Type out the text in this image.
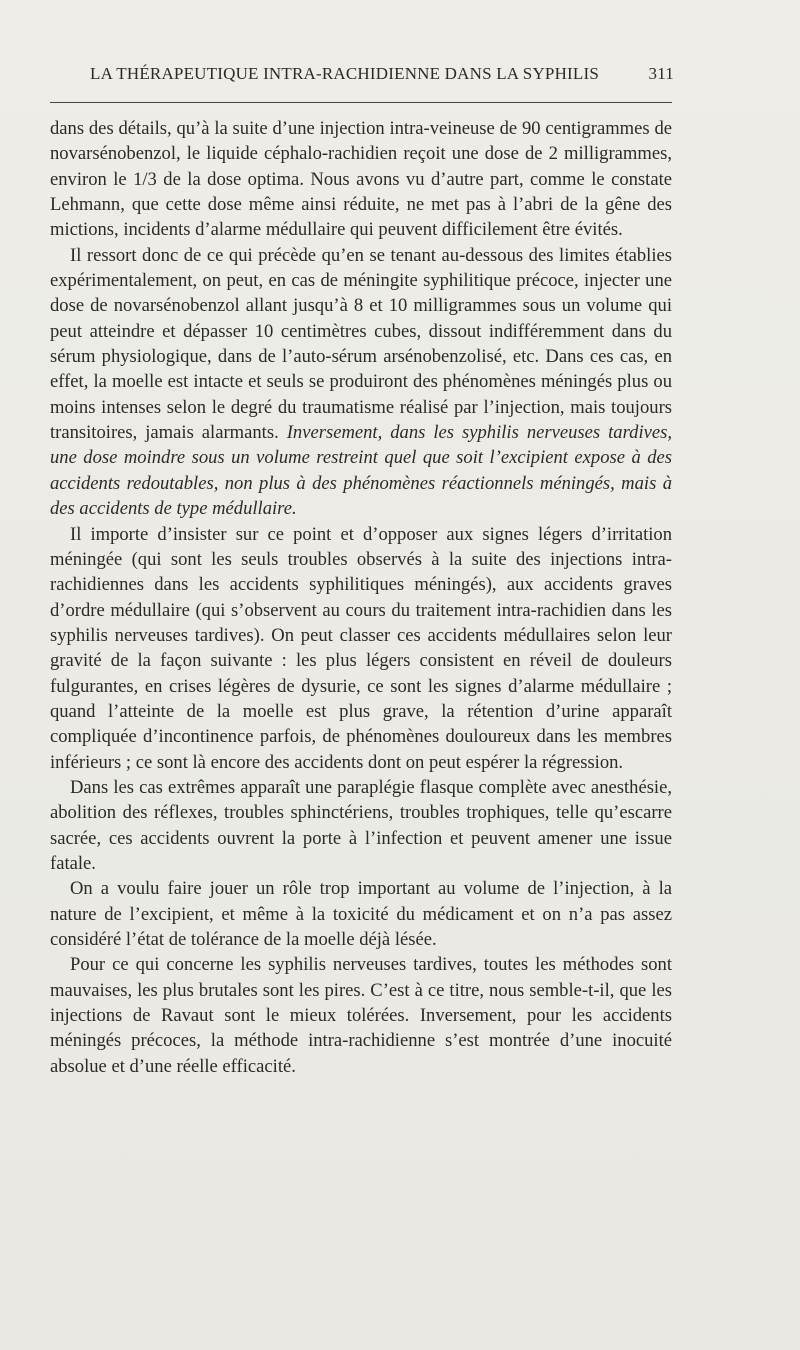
LA THÉRAPEUTIQUE INTRA-RACHIDIENNE DANS LA SYPHILIS	311

dans des détails, qu’à la suite d’une injection intra-veineuse de 90 centigrammes de novarsénobenzol, le liquide céphalo-rachidien reçoit une dose de 2 milligrammes, environ le 1/3 de la dose optima. Nous avons vu d’autre part, comme le constate Lehmann, que cette dose même ainsi réduite, ne met pas à l’abri de la gêne des mictions, incidents d’alarme médullaire qui peuvent difficilement être évités.

Il ressort donc de ce qui précède qu’en se tenant au-dessous des limites établies expérimentalement, on peut, en cas de méningite syphilitique précoce, injecter une dose de novarsénobenzol allant jusqu’à 8 et 10 milligrammes sous un volume qui peut atteindre et dépasser 10 centimètres cubes, dissout indifféremment dans du sérum physiologique, dans de l’auto-sérum arsénobenzolisé, etc. Dans ces cas, en effet, la moelle est intacte et seuls se produiront des phénomènes méningés plus ou moins intenses selon le degré du traumatisme réalisé par l’injection, mais toujours transitoires, jamais alarmants. Inversement, dans les syphilis nerveuses tardives, une dose moindre sous un volume restreint quel que soit l’excipient expose à des accidents redoutables, non plus à des phénomènes réactionnels méningés, mais à des accidents de type médullaire.

Il importe d’insister sur ce point et d’opposer aux signes légers d’irritation méningée (qui sont les seuls troubles observés à la suite des injections intra-rachidiennes dans les accidents syphilitiques méningés), aux accidents graves d’ordre médullaire (qui s’observent au cours du traitement intra-rachidien dans les syphilis nerveuses tardives). On peut classer ces accidents médullaires selon leur gravité de la façon suivante : les plus légers consistent en réveil de douleurs fulgurantes, en crises légères de dysurie, ce sont les signes d’alarme médullaire ; quand l’atteinte de la moelle est plus grave, la rétention d’urine apparaît compliquée d’incontinence parfois, de phénomènes douloureux dans les membres inférieurs ; ce sont là encore des accidents dont on peut espérer la régression.

Dans les cas extrêmes apparaît une paraplégie flasque complète avec anesthésie, abolition des réflexes, troubles sphinctériens, troubles trophiques, telle qu’escarre sacrée, ces accidents ouvrent la porte à l’infection et peuvent amener une issue fatale.

On a voulu faire jouer un rôle trop important au volume de l’injection, à la nature de l’excipient, et même à la toxicité du médicament et on n’a pas assez considéré l’état de tolérance de la moelle déjà lésée.

Pour ce qui concerne les syphilis nerveuses tardives, toutes les méthodes sont mauvaises, les plus brutales sont les pires. C’est à ce titre, nous semble-t-il, que les injections de Ravaut sont le mieux tolérées. Inversement, pour les accidents méningés précoces, la méthode intra-rachidienne s’est montrée d’une inocuité absolue et d’une réelle efficacité.
